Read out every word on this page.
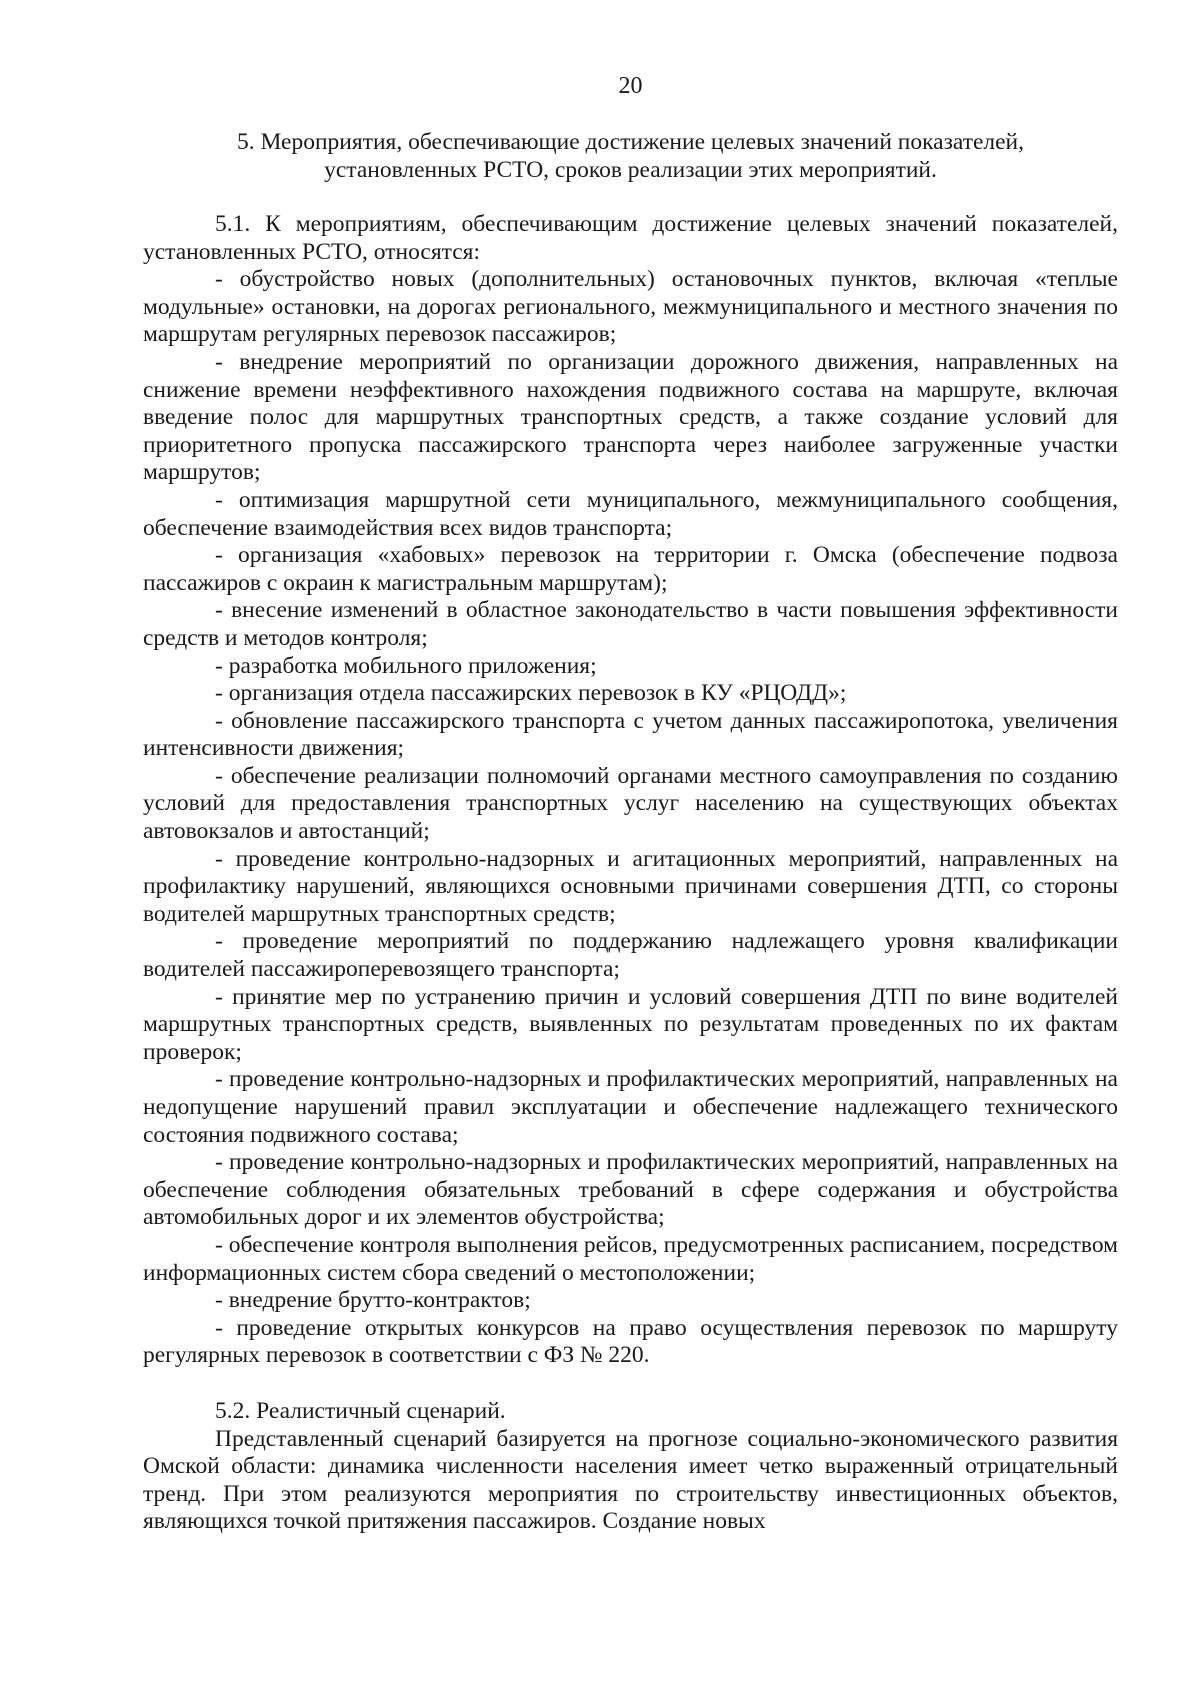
20
5. Мероприятия, обеспечивающие достижение целевых значений показателей,
установленных РСТО, сроков реализации этих мероприятий.

5.1. К мероприятиям, обеспечивающим достижение целевых значений показателей, установленных РСТО, относятся:

- обустройство новых (дополнительных) остановочных пунктов, включая «теплые модульные» остановки, на дорогах регионального, межмуниципального и местного значения по маршрутам регулярных перевозок пассажиров;

- внедрение мероприятий по организации дорожного движения, направленных на снижение времени неэффективного нахождения подвижного состава на маршруте, включая введение полос для маршрутных транспортных средств, а также создание условий для приоритетного пропуска пассажирского транспорта через наиболее загруженные участки маршрутов;

- оптимизация маршрутной сети муниципального, межмуниципального сообщения, обеспечение взаимодействия всех видов транспорта;

- организация «хабовых» перевозок на территории г. Омска (обеспечение подвоза пассажиров с окраин к магистральным маршрутам);

- внесение изменений в областное законодательство в части повышения эффективности средств и методов контроля;

- разработка мобильного приложения;

- организация отдела пассажирских перевозок в КУ «РЦОДД»;

- обновление пассажирского транспорта с учетом данных пассажиропотока, увеличения интенсивности движения;

- обеспечение реализации полномочий органами местного самоуправления по созданию условий для предоставления транспортных услуг населению на существующих объектах автовокзалов и автостанций;

- проведение контрольно-надзорных и агитационных мероприятий, направленных на профилактику нарушений, являющихся основными причинами совершения ДТП, со стороны водителей маршрутных транспортных средств;

- проведение мероприятий по поддержанию надлежащего уровня квалификации водителей пассажироперевозящего транспорта;

- принятие мер по устранению причин и условий совершения ДТП по вине водителей маршрутных транспортных средств, выявленных по результатам проведенных по их фактам проверок;

- проведение контрольно-надзорных и профилактических мероприятий, направленных на недопущение нарушений правил эксплуатации и обеспечение надлежащего технического состояния подвижного состава;

- проведение контрольно-надзорных и профилактических мероприятий, направленных на обеспечение соблюдения обязательных требований в сфере содержания и обустройства автомобильных дорог и их элементов обустройства;

- обеспечение контроля выполнения рейсов, предусмотренных расписанием, посредством информационных систем сбора сведений о местоположении;

- внедрение брутто-контрактов;

- проведение открытых конкурсов на право осуществления перевозок по маршруту регулярных перевозок в соответствии с ФЗ № 220.

5.2. Реалистичный сценарий.

Представленный сценарий базируется на прогнозе социально-экономического развития Омской области: динамика численности населения имеет четко выраженный отрицательный тренд. При этом реализуются мероприятия по строительству инвестиционных объектов, являющихся точкой притяжения пассажиров. Создание новых
